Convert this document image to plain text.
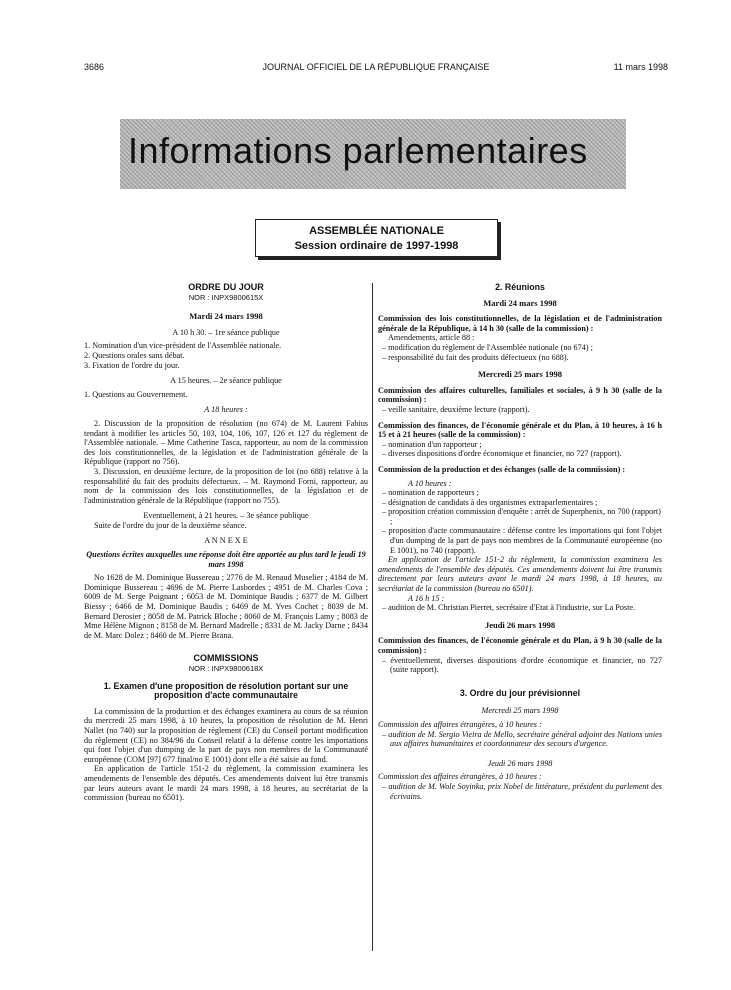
3686	JOURNAL OFFICIEL DE LA RÉPUBLIQUE FRANÇAISE	11 mars 1998
Informations parlementaires
ASSEMBLÉE NATIONALE
Session ordinaire de 1997-1998
ORDRE DU JOUR
NOR : INPX9800615X
Mardi 24 mars 1998
A 10 h 30. – 1re séance publique

1. Nomination d'un vice-président de l'Assemblée nationale.

2. Questions orales sans débat.

3. Fixation de l'ordre du jour.

A 15 heures. – 2e séance publique

1. Questions au Gouvernement.

A 18 heures :

2. Discussion de la proposition de résolution (no 674) de M. Laurent Fabius tendant à modifier les articles 50, 103, 104, 106, 107, 126 et 127 du règlement de l'Assemblée nationale. – Mme Catherine Tasca, rapporteur, au nom de la commission des lois constitutionnelles, de la législation et de l'administration générale de la République (rapport no 756).

3. Discussion, en deuxième lecture, de la proposition de loi (no 688) relative à la responsabilité du fait des produits défectueux. – M. Raymond Forni, rapporteur, au nom de la commission des lois constitutionnelles, de la législation et de l'administration générale de la République (rapport no 755).

Eventuellement, à 21 heures. – 3e séance publique

Suite de l'ordre du jour de la deuxième séance.

A N N E X E
Questions écrites auxquelles une réponse doit être apportée au plus tard le jeudi 19 mars 1998

No 1628 de M. Dominique Bussereau ; 2776 de M. Renaud Muselier ; 4184 de M. Dominique Bussereau ; 4696 de M. Pierre Lasbordes ; 4951 de M. Charles Cova ; 6009 de M. Serge Poignant ; 6053 de M. Dominique Baudis ; 6377 de M. Gilbert Biessy ; 6466 de M. Dominique Baudis ; 6469 de M. Yves Cochet ; 8039 de M. Bernard Derosier ; 8058 de M. Patrick Bloche ; 8060 de M. François Lamy ; 8083 de Mme Hélène Mignon ; 8158 de M. Bernard Madrelle ; 8331 de M. Jacky Darne ; 8434 de M. Marc Dolez ; 8460 de M. Pierre Brana.

COMMISSIONS
NOR : INPX9800618X
1. Examen d'une proposition de résolution portant sur une proposition d'acte communautaire

La commission de la production et des échanges examinera au cours de sa réunion du mercredi 25 mars 1998, à 10 heures, la proposition de résolution de M. Henri Nallet (no 740) sur la proposition de règlement (CE) du Conseil portant modification du règlement (CE) no 384/96 du Conseil relatif à la défense contre les importations qui font l'objet d'un dumping de la part de pays non membres de la Communauté européenne (COM [97] 677 final/no E 1001) dont elle a été saisie au fond.

En application de l'article 151-2 du règlement, la commission examinera les amendements de l'ensemble des députés. Ces amendements doivent lui être transmis par leurs auteurs avant le mardi 24 mars 1998, à 18 heures, au secrétariat de la commission (bureau no 6501).

2. Réunions
Mardi 24 mars 1998

Commission des lois constitutionnelles, de la législation et de l'administration générale de la République, à 14 h 30 (salle de la commission) :

Amendements, article 88 :

– modification du règlement de l'Assemblée nationale (no 674) ;

– responsabilité du fait des produits défectueux (no 688).

Mercredi 25 mars 1998

Commission des affaires culturelles, familiales et sociales, à 9 h 30 (salle de la commission) :

– veille sanitaire, deuxième lecture (rapport).

Commission des finances, de l'économie générale et du Plan, à 10 heures, à 16 h 15 et à 21 heures (salle de la commission) :

– nomination d'un rapporteur ;

– diverses dispositions d'ordre économique et financier, no 727 (rapport).

Commission de la production et des échanges (salle de la commission) :

A 10 heures :

– nomination de rapporteurs ;

– désignation de candidats à des organismes extraparlementaires ;

– proposition création commission d'enquête : arrêt de Superphenix, no 700 (rapport) ;

– proposition d'acte communautaire : défense contre les importations qui font l'objet d'un dumping de la part de pays non membres de la Communauté européenne (no E 1001), no 740 (rapport).

En application de l'article 151-2 du règlement, la commission examinera les amendements de l'ensemble des députés. Ces amendements doivent lui être transmis directement par leurs auteurs avant le mardi 24 mars 1998, à 18 heures, au secrétariat de la commission (bureau no 6501).

A 16 h 15 :

– audition de M. Christian Pierret, secrétaire d'Etat à l'industrie, sur La Poste.

Jeudi 26 mars 1998

Commission des finances, de l'économie générale et du Plan, à 9 h 30 (salle de la commission) :

– éventuellement, diverses dispositions d'ordre économique et financier, no 727 (suite rapport).

3. Ordre du jour prévisionnel
Mercredi 25 mars 1998

Commission des affaires étrangères, à 10 heures :

– audition de M. Sergio Vieira de Mello, secrétaire général adjoint des Nations unies aux affaires humanitaires et coordonnateur des secours d'urgence.

Jeudi 26 mars 1998

Commission des affaires étrangères, à 10 heures :

– audition de M. Wole Soyinka, prix Nobel de littérature, président du parlement des écrivains.
